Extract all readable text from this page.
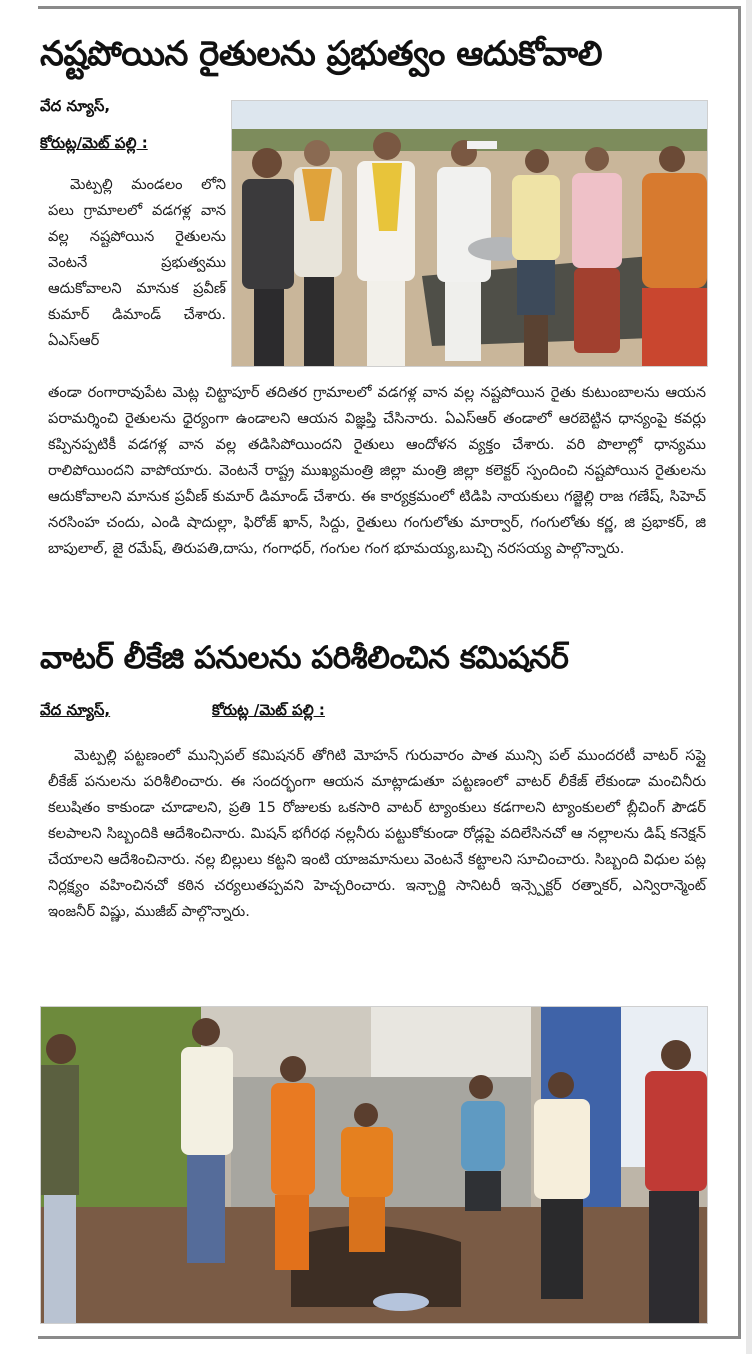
నష్టపోయిన రైతులను ప్రభుత్వం ఆదుకోవాలి
వేద న్యూస్,
కోరుట్ల/మెట్ పల్లి :

మెట్పల్లి మండలం లోని పలు గ్రామాలలో వడగళ్ల వాన వల్ల నష్టపోయిన రైతులను వెంటనే ప్రభుత్వము ఆదుకోవాలని మానుక ప్రవీణ్ కుమార్ డిమాండ్ చేశారు. ఏఎస్ఆర్

తండా రంగారావుపేట మెట్ల చిట్టాపూర్ తదితర గ్రామాలలో వడగళ్ల వాన వల్ల నష్టపోయిన రైతు కుటుంబాలను ఆయన పరామర్శించి రైతులను ధైర్యంగా ఉండాలని ఆయన విజ్ఞప్తి చేసినారు. ఏఎస్ఆర్ తండాలో ఆరబెట్టిన ధాన్యంపై కవర్లు కప్పినప్పటికీ వడగళ్ల వాన వల్ల తడిసిపోయిందని రైతులు ఆందోళన వ్యక్తం చేశారు. వరి పొలాల్లో ధాన్యము రాలిపోయిందని వాపోయారు. వెంటనే రాష్ట్ర ముఖ్యమంత్రి జిల్లా మంత్రి జిల్లా కలెక్టర్ స్పందించి నష్టపోయిన రైతులను ఆదుకోవాలని మానుక ప్రవీణ్ కుమార్ డిమాండ్ చేశారు. ఈ కార్యక్రమంలో టిడిపి నాయకులు గజ్జెల్లి రాజ గణేష్, సిహెచ్ నరసింహ చందు, ఎండి షాదుల్లా, ఫిరోజ్ ఖాన్, సిద్దు, రైతులు గంగులోతు మార్వార్, గంగులోతు కర్ణ, జి ప్రభాకర్, జి బాపులాల్, జై రమేష్, తిరుపతి,దాసు, గంగాధర్, గంగుల గంగ భూమయ్య,బుచ్చి నరసయ్య పాల్గొన్నారు.

వాటర్ లీకేజి పనులను పరిశీలించిన కమిషనర్
వేద న్యూస్,	కోరుట్ల /మెట్ పల్లి :

మెట్పల్లి పట్టణంలో మున్సిపల్ కమిషనర్ తోగిటి మోహన్ గురువారం పాత మున్సి పల్ ముందరటీ వాటర్ సప్లై లీకేజ్ పనులను పరిశీలించారు. ఈ సందర్భంగా ఆయన మాట్లాడుతూ పట్టణంలో వాటర్ లీకేజ్ లేకుండా మంచినీరు కలుషితం కాకుండా చూడాలని, ప్రతి 15 రోజులకు ఒకసారి వాటర్ ట్యాంకులు కడగాలని ట్యాంకులలో బ్లీచింగ్ పౌడర్ కలపాలని సిబ్బందికి ఆదేశించినారు. మిషన్ భగీరథ నల్లనీరు పట్టుకోకుండా రోడ్లపై వదిలేసినచో ఆ నల్లాలను డిష్ కనెక్షన్ చేయాలని ఆదేశించినారు. నల్ల బిల్లులు కట్టని ఇంటి యాజమానులు వెంటనే కట్టాలని సూచించారు. సిబ్బంది విధుల పట్ల నిర్లక్ష్యం వహించినచో కఠిన చర్యలుతప్పవని హెచ్చరించారు. ఇన్చార్జి సానిటరీ ఇన్స్పెక్టర్ రత్నాకర్, ఎన్విరాన్మెంట్ ఇంజనీర్ విష్ణు, ముజీబ్ పాల్గొన్నారు.
